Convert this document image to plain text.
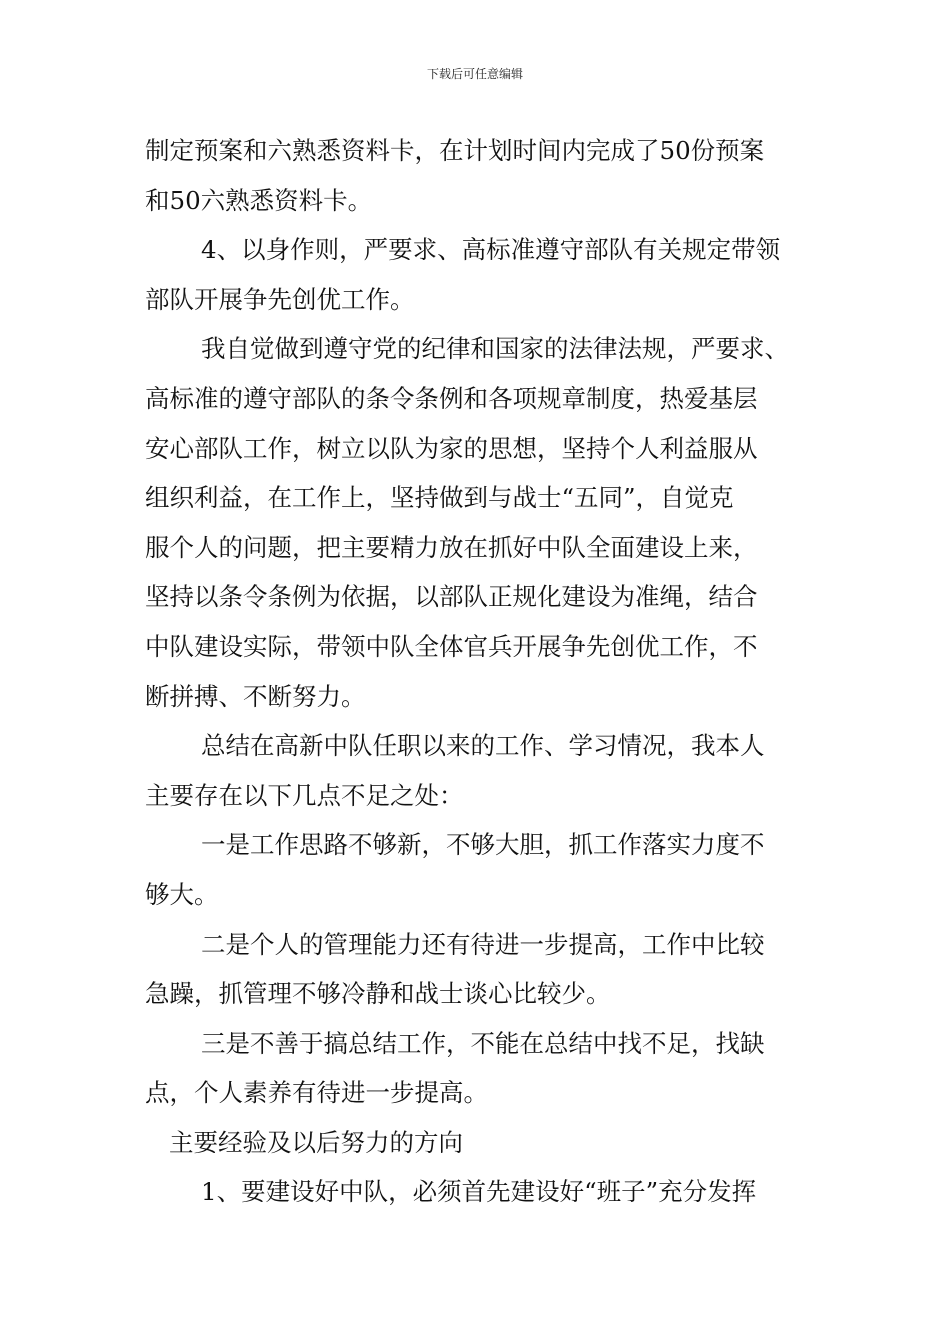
下载后可任意编辑

制定预案和六熟悉资料卡，在计划时间内完成了50份预案
和50六熟悉资料卡。

4、以身作则，严要求、高标准遵守部队有关规定带领
部队开展争先创优工作。

我自觉做到遵守党的纪律和国家的法律法规，严要求、
高标准的遵守部队的条令条例和各项规章制度，热爱基层
安心部队工作，树立以队为家的思想，坚持个人利益服从
组织利益，在工作上，坚持做到与战士“五同”，自觉克
服个人的问题，把主要精力放在抓好中队全面建设上来，
坚持以条令条例为依据，以部队正规化建设为准绳，结合
中队建设实际，带领中队全体官兵开展争先创优工作，不
断拼搏、不断努力。

总结在高新中队任职以来的工作、学习情况，我本人
主要存在以下几点不足之处：

一是工作思路不够新，不够大胆，抓工作落实力度不
够大。

二是个人的管理能力还有待进一步提高，工作中比较
急躁，抓管理不够冷静和战士谈心比较少。

三是不善于搞总结工作，不能在总结中找不足，找缺
点，个人素养有待进一步提高。

主要经验及以后努力的方向

1、要建设好中队，必须首先建设好“班子”充分发挥
